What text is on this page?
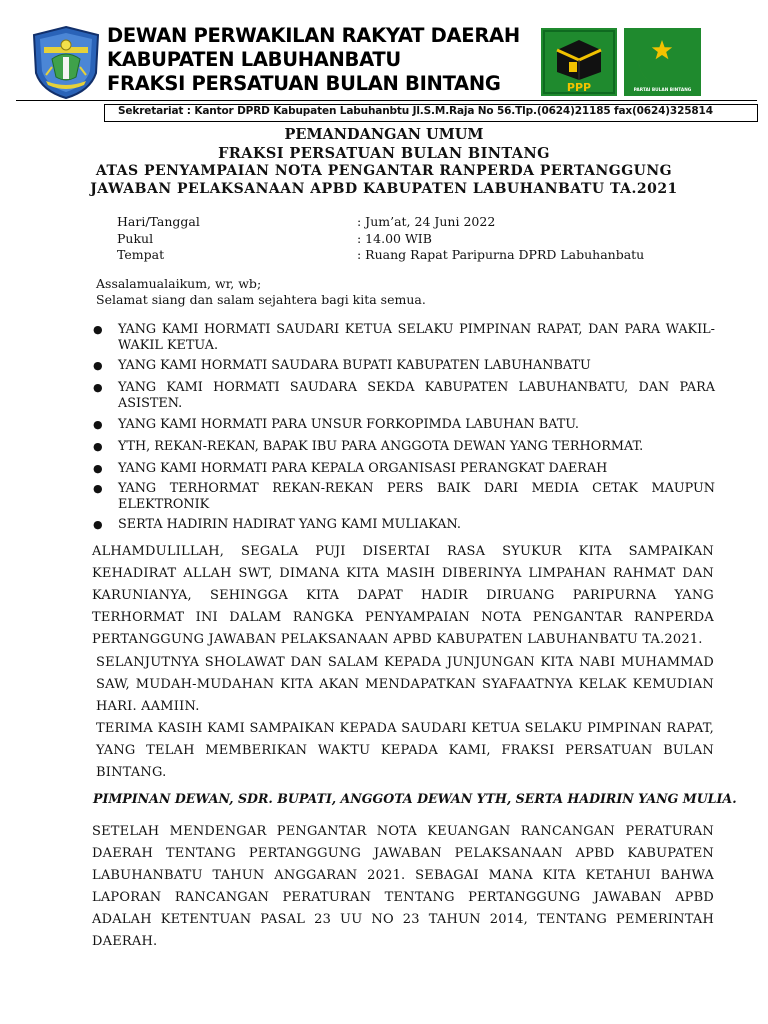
DEWAN PERWAKILAN RAKYAT DAERAH
KABUPATEN LABUHANBATU
FRAKSI PERSATUAN BULAN BINTANG	PPP	PARTAI BULAN BINTANG
Sekretariat : Kantor DPRD Kabupaten Labuhanbtu Jl.S.M.Raja No 56.Tlp.(0624)21185 fax(0624)325814
PEMANDANGAN UMUM
FRAKSI PERSATUAN BULAN BINTANG
ATAS PENYAMPAIAN NOTA PENGANTAR RANPERDA PERTANGGUNG
JAWABAN PELAKSANAAN APBD KABUPATEN LABUHANBATU TA.2021
Hari/Tanggal	: Jum’at, 24 Juni 2022
Pukul	: 14.00 WIB
Tempat	: Ruang Rapat Paripurna DPRD Labuhanbatu
Assalamualaikum, wr, wb;
Selamat siang dan salam sejahtera bagi kita semua.
● YANG KAMI HORMATI SAUDARI KETUA SELAKU PIMPINAN RAPAT, DAN PARA WAKIL-WAKIL KETUA.
● YANG KAMI HORMATI SAUDARA BUPATI KABUPATEN LABUHANBATU
● YANG KAMI HORMATI SAUDARA SEKDA KABUPATEN LABUHANBATU, DAN PARA ASISTEN.
● YANG KAMI HORMATI PARA UNSUR FORKOPIMDA LABUHAN BATU.
● YTH, REKAN-REKAN, BAPAK IBU PARA ANGGOTA DEWAN YANG TERHORMAT.
● YANG KAMI HORMATI PARA KEPALA ORGANISASI PERANGKAT DAERAH
● YANG TERHORMAT REKAN-REKAN PERS BAIK DARI MEDIA CETAK MAUPUN ELEKTRONIK
● SERTA HADIRIN HADIRAT YANG KAMI MULIAKAN.
ALHAMDULILLAH, SEGALA PUJI DISERTAI RASA SYUKUR KITA SAMPAIKAN KEHADIRAT ALLAH SWT, DIMANA KITA MASIH DIBERINYA LIMPAHAN RAHMAT DAN KARUNIANYA, SEHINGGA KITA DAPAT HADIR DIRUANG PARIPURNA YANG TERHORMAT INI DALAM RANGKA PENYAMPAIAN NOTA PENGANTAR RANPERDA PERTANGGUNG JAWABAN PELAKSANAAN APBD KABUPATEN LABUHANBATU TA.2021.
SELANJUTNYA SHOLAWAT DAN SALAM KEPADA JUNJUNGAN KITA NABI MUHAMMAD SAW, MUDAH-MUDAHAN KITA AKAN MENDAPATKAN SYAFAATNYA KELAK KEMUDIAN HARI. AAMIIN.
TERIMA KASIH KAMI SAMPAIKAN KEPADA SAUDARI KETUA SELAKU PIMPINAN RAPAT, YANG TELAH MEMBERIKAN WAKTU KEPADA KAMI, FRAKSI PERSATUAN BULAN BINTANG.
PIMPINAN DEWAN, SDR. BUPATI, ANGGOTA DEWAN YTH, SERTA HADIRIN YANG MULIA.
SETELAH MENDENGAR PENGANTAR NOTA KEUANGAN RANCANGAN PERATURAN DAERAH TENTANG PERTANGGUNG JAWABAN PELAKSANAAN APBD KABUPATEN LABUHANBATU TAHUN ANGGARAN 2021. SEBAGAI MANA KITA KETAHUI BAHWA LAPORAN RANCANGAN PERATURAN TENTANG PERTANGGUNG JAWABAN APBD ADALAH KETENTUAN PASAL 23 UU NO 23 TAHUN 2014, TENTANG PEMERINTAH DAERAH.
